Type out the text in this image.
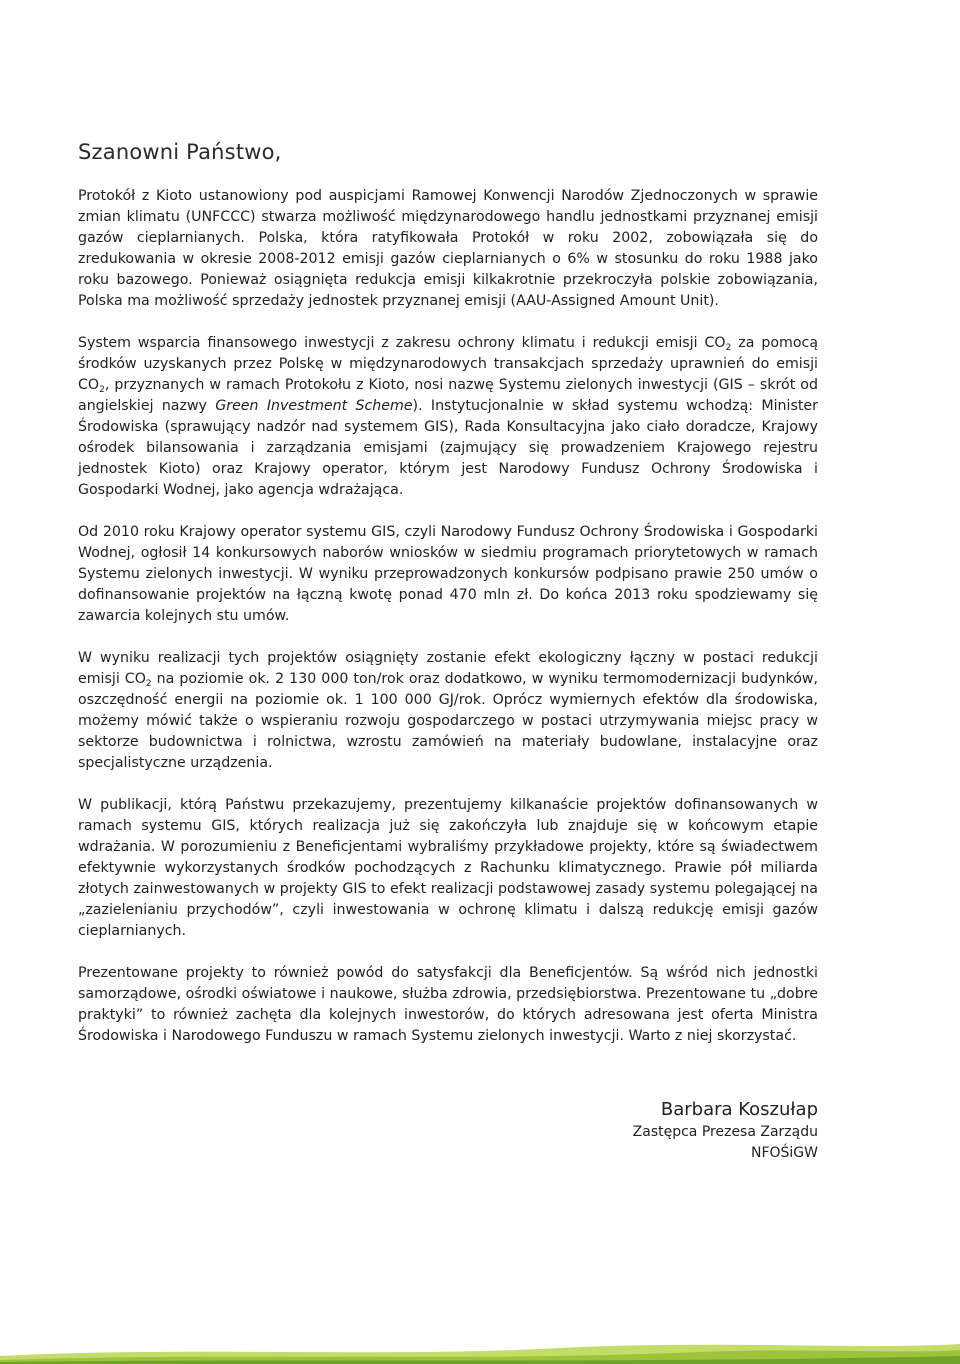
Szanowni Państwo,

Protokół z Kioto ustanowiony pod auspicjami Ramowej Konwencji Narodów Zjednoczonych w sprawie zmian klimatu (UNFCCC) stwarza możliwość międzynarodowego handlu jednostkami przyznanej emisji gazów cieplarnianych. Polska, która ratyfikowała Protokół w roku 2002, zobowiązała się do zredukowania w okresie 2008-2012 emisji gazów cieplarnianych o 6% w stosunku do roku 1988 jako roku bazowego. Ponieważ osiągnięta redukcja emisji kilkakrotnie przekroczyła polskie zobowiązania, Polska ma możliwość sprzedaży jednostek przyznanej emisji (AAU-Assigned Amount Unit).

System wsparcia finansowego inwestycji z zakresu ochrony klimatu i redukcji emisji $CO_2$ za pomocą środków uzyskanych przez Polskę w międzynarodowych transakcjach sprzedaży uprawnień do emisji $CO_2$, przyznanych w ramach Protokołu z Kioto, nosi nazwę Systemu zielonych inwestycji (GIS – skrót od angielskiej nazwy Green Investment Scheme). Instytucjonalnie w skład systemu wchodzą: Minister Środowiska (sprawujący nadzór nad systemem GIS), Rada Konsultacyjna jako ciało doradcze, Krajowy ośrodek bilansowania i zarządzania emisjami (zajmujący się prowadzeniem Krajowego rejestru jednostek Kioto) oraz Krajowy operator, którym jest Narodowy Fundusz Ochrony Środowiska i Gospodarki Wodnej, jako agencja wdrażająca.

Od 2010 roku Krajowy operator systemu GIS, czyli Narodowy Fundusz Ochrony Środowiska i Gospodarki Wodnej, ogłosił 14 konkursowych naborów wniosków w siedmiu programach priorytetowych w ramach Systemu zielonych inwestycji. W wyniku przeprowadzonych konkursów podpisano prawie 250 umów o dofinansowanie projektów na łączną kwotę ponad 470 mln zł. Do końca 2013 roku spodziewamy się zawarcia kolejnych stu umów.

W wyniku realizacji tych projektów osiągnięty zostanie efekt ekologiczny łączny w postaci redukcji emisji $CO_2$ na poziomie ok. 2 130 000 ton/rok oraz dodatkowo, w wyniku termomodernizacji budynków, oszczędność energii na poziomie ok. 1 100 000 GJ/rok. Oprócz wymiernych efektów dla środowiska, możemy mówić także o wspieraniu rozwoju gospodarczego w postaci utrzymywania miejsc pracy w sektorze budownictwa i rolnictwa, wzrostu zamówień na materiały budowlane, instalacyjne oraz specjalistyczne urządzenia.

W publikacji, którą Państwu przekazujemy, prezentujemy kilkanaście projektów dofinansowanych w ramach systemu GIS, których realizacja już się zakończyła lub znajduje się w końcowym etapie wdrażania. W porozumieniu z Beneficjentami wybraliśmy przykładowe projekty, które są świadectwem efektywnie wykorzystanych środków pochodzących z Rachunku klimatycznego. Prawie pół miliarda złotych zainwestowanych w projekty GIS to efekt realizacji podstawowej zasady systemu polegającej na „zazielenianiu przychodów”, czyli inwestowania w ochronę klimatu i dalszą redukcję emisji gazów cieplarnianych.

Prezentowane projekty to również powód do satysfakcji dla Beneficjentów. Są wśród nich jednostki samorządowe, ośrodki oświatowe i naukowe, służba zdrowia, przedsiębiorstwa. Prezentowane tu „dobre praktyki” to również zachęta dla kolejnych inwestorów, do których adresowana jest oferta Ministra Środowiska i Narodowego Funduszu w ramach Systemu zielonych inwestycji. Warto z niej skorzystać.

Barbara Koszułap
Zastępca Prezesa Zarządu
NFOŚiGW
